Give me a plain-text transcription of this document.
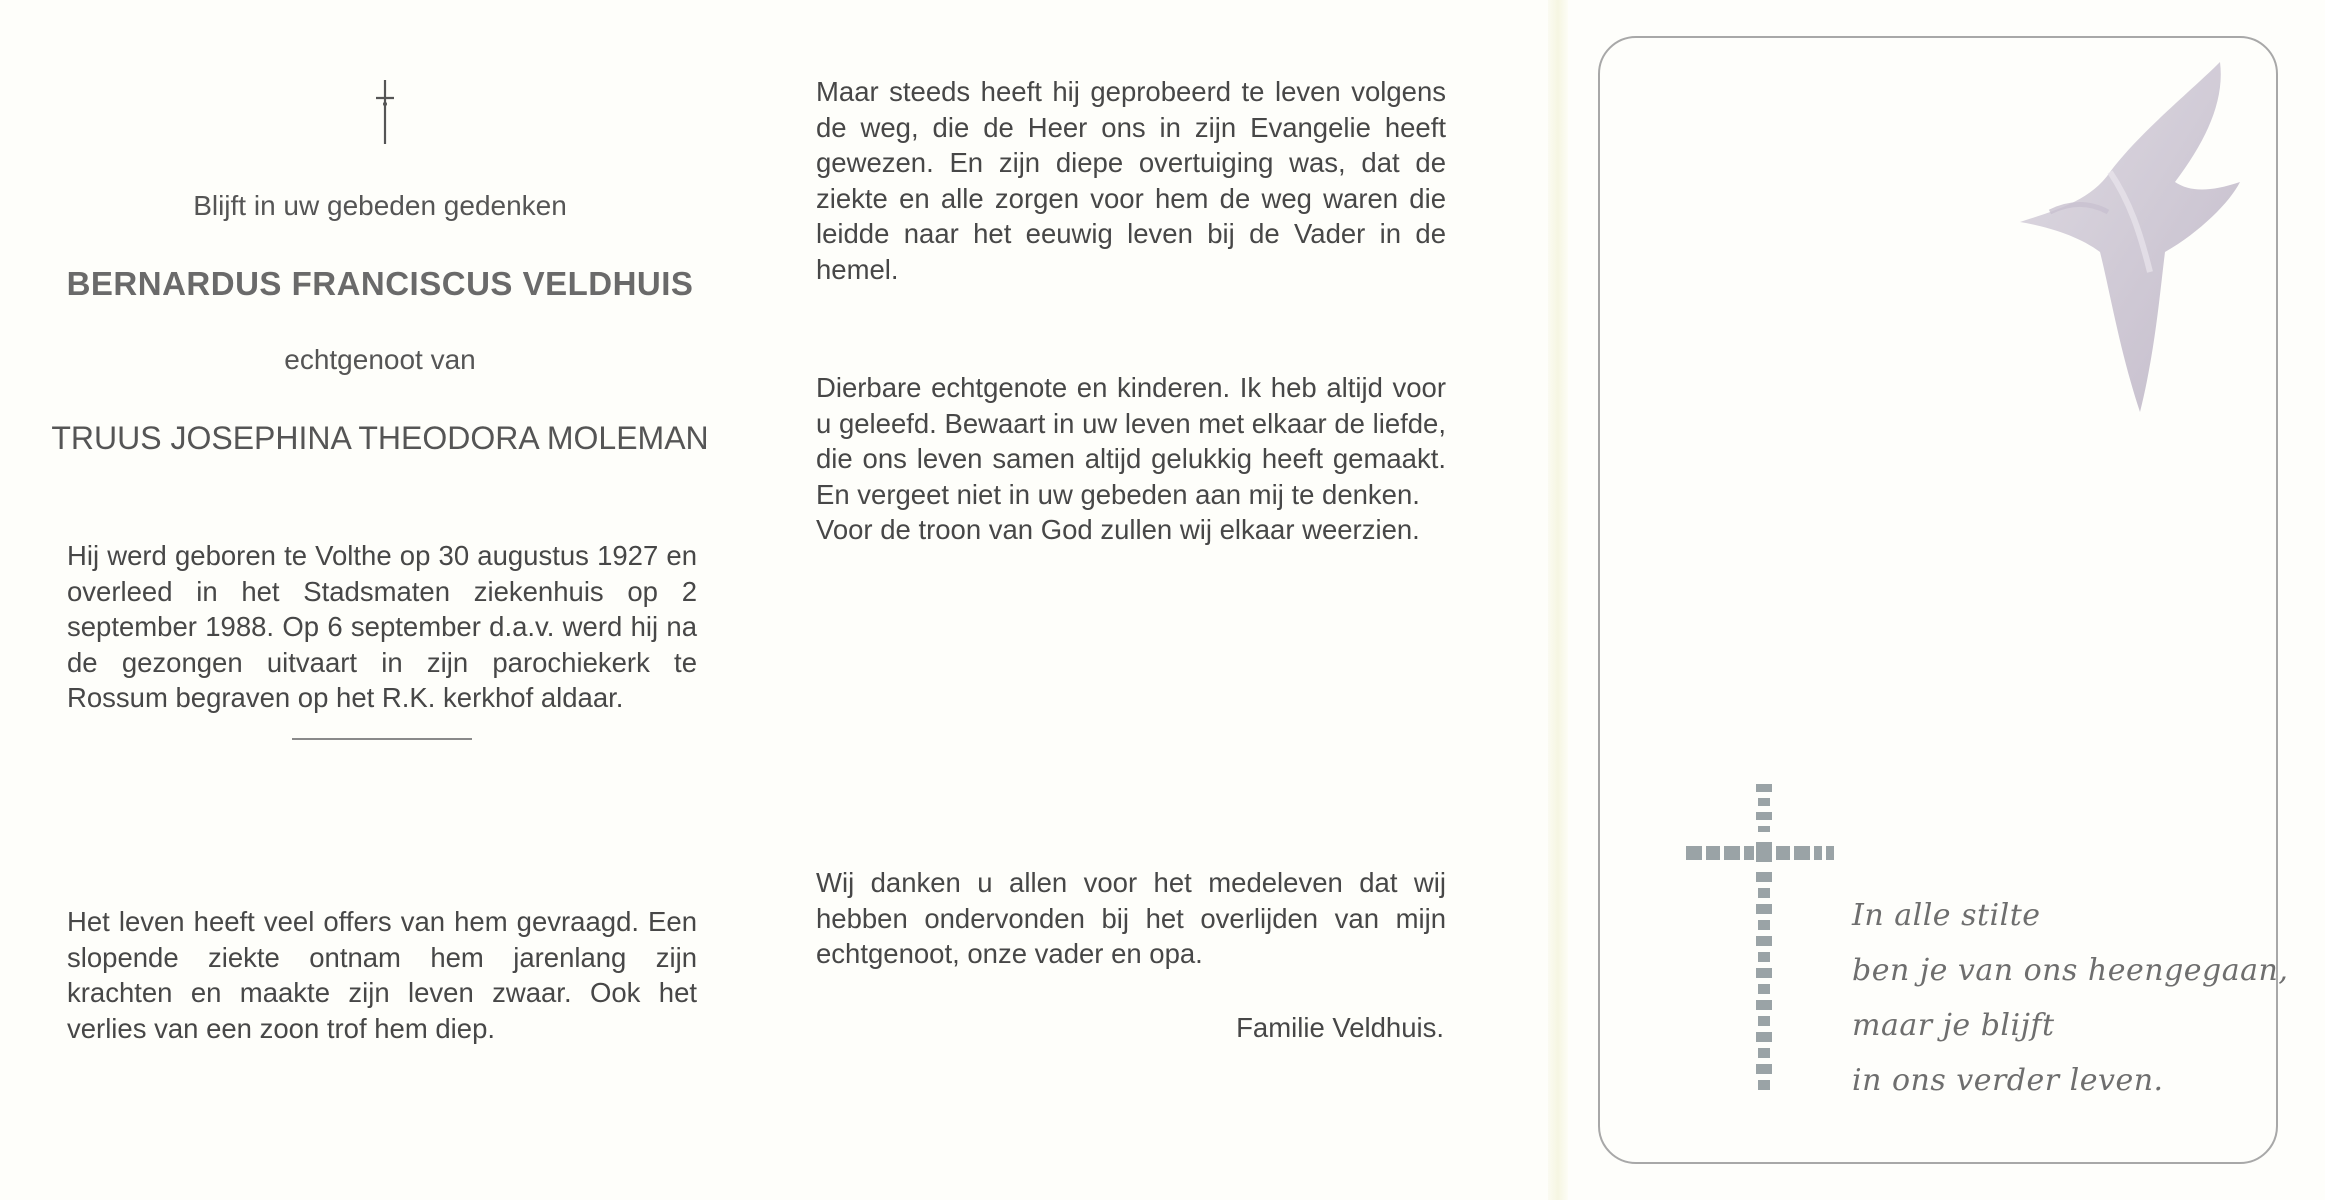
Blijft in uw gebeden gedenken
BERNARDUS FRANCISCUS VELDHUIS
echtgenoot van
TRUUS JOSEPHINA THEODORA MOLEMAN
Hij werd geboren te Volthe op 30 augustus 1927 en overleed in het Stadsmaten ziekenhuis op 2 september 1988. Op 6 september d.a.v. werd hij na de gezongen uitvaart in zijn parochiekerk te Rossum begraven op het R.K. kerkhof aldaar.
Het leven heeft veel offers van hem gevraagd. Een slopende ziekte ontnam hem jarenlang zijn krachten en maakte zijn leven zwaar. Ook het verlies van een zoon trof hem diep.
Maar steeds heeft hij geprobeerd te leven volgens de weg, die de Heer ons in zijn Evangelie heeft gewezen. En zijn diepe overtuiging was, dat de ziekte en alle zorgen voor hem de weg waren die leidde naar het eeuwig leven bij de Vader in de hemel.
Dierbare echtgenote en kinderen. Ik heb altijd voor u geleefd. Bewaart in uw leven met elkaar de liefde, die ons leven samen altijd gelukkig heeft gemaakt. En vergeet niet in uw gebeden aan mij te denken.
Voor de troon van God zullen wij elkaar weerzien.
Wij danken u allen voor het medeleven dat wij hebben ondervonden bij het overlijden van mijn echtgenoot, onze vader en opa.
Familie Veldhuis.
In alle stilte
ben je van ons heengegaan,
maar je blijft
in ons verder leven.
